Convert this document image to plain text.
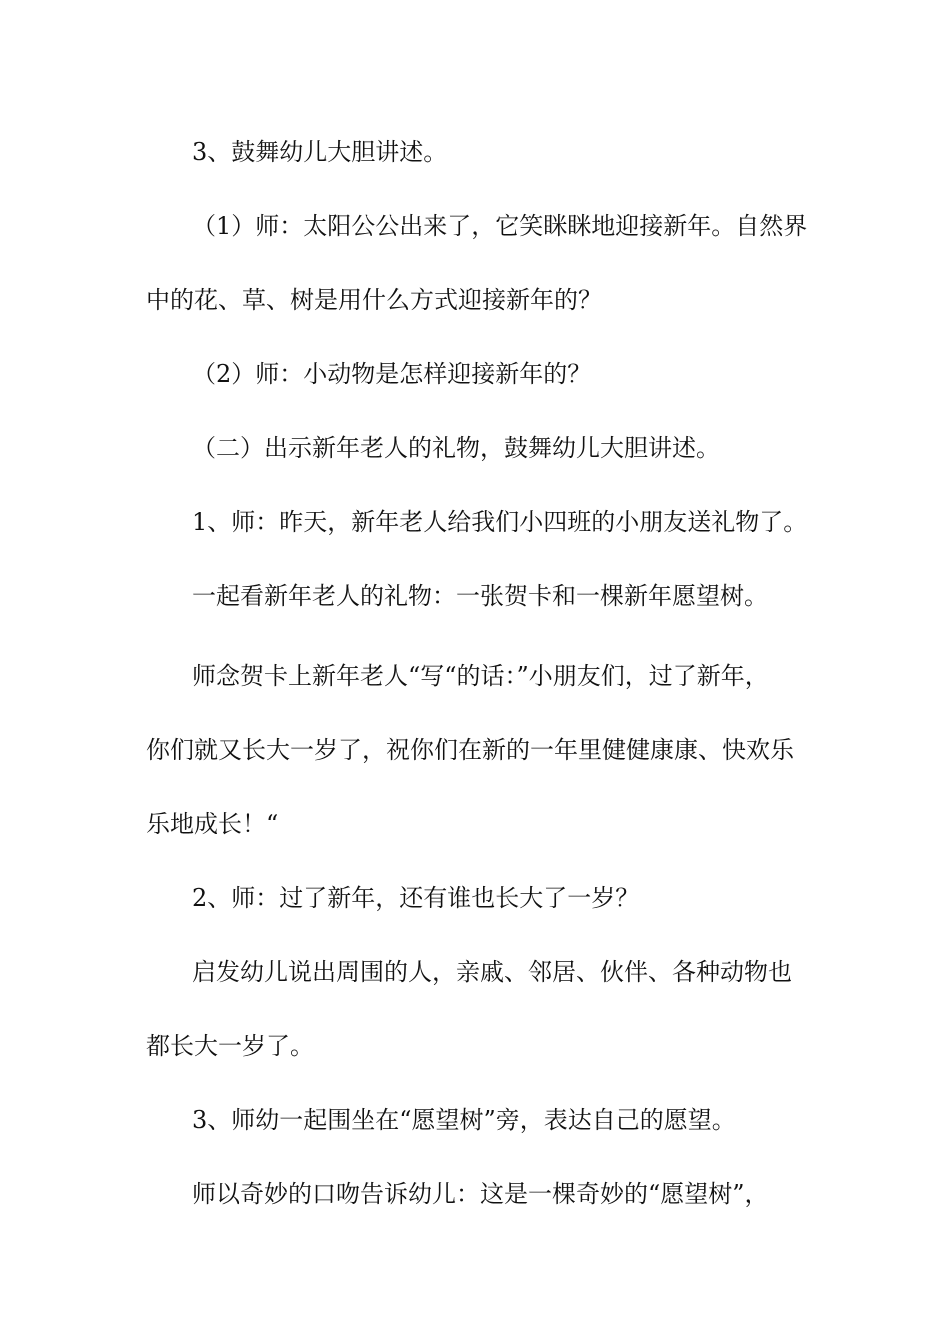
3、鼓舞幼儿大胆讲述。
（1）师：太阳公公出来了，它笑眯眯地迎接新年。自然界
中的花、草、树是用什么方式迎接新年的？
（2）师：小动物是怎样迎接新年的？
（二）出示新年老人的礼物，鼓舞幼儿大胆讲述。
1、师：昨天，新年老人给我们小四班的小朋友送礼物了。
一起看新年老人的礼物：一张贺卡和一棵新年愿望树。
师念贺卡上新年老人“写“的话：”小朋友们，过了新年，
你们就又长大一岁了，祝你们在新的一年里健健康康、快欢乐
乐地成长！“
2、师：过了新年，还有谁也长大了一岁？
启发幼儿说出周围的人，亲戚、邻居、伙伴、各种动物也
都长大一岁了。
3、师幼一起围坐在“愿望树”旁，表达自己的愿望。
师以奇妙的口吻告诉幼儿：这是一棵奇妙的“愿望树”，
